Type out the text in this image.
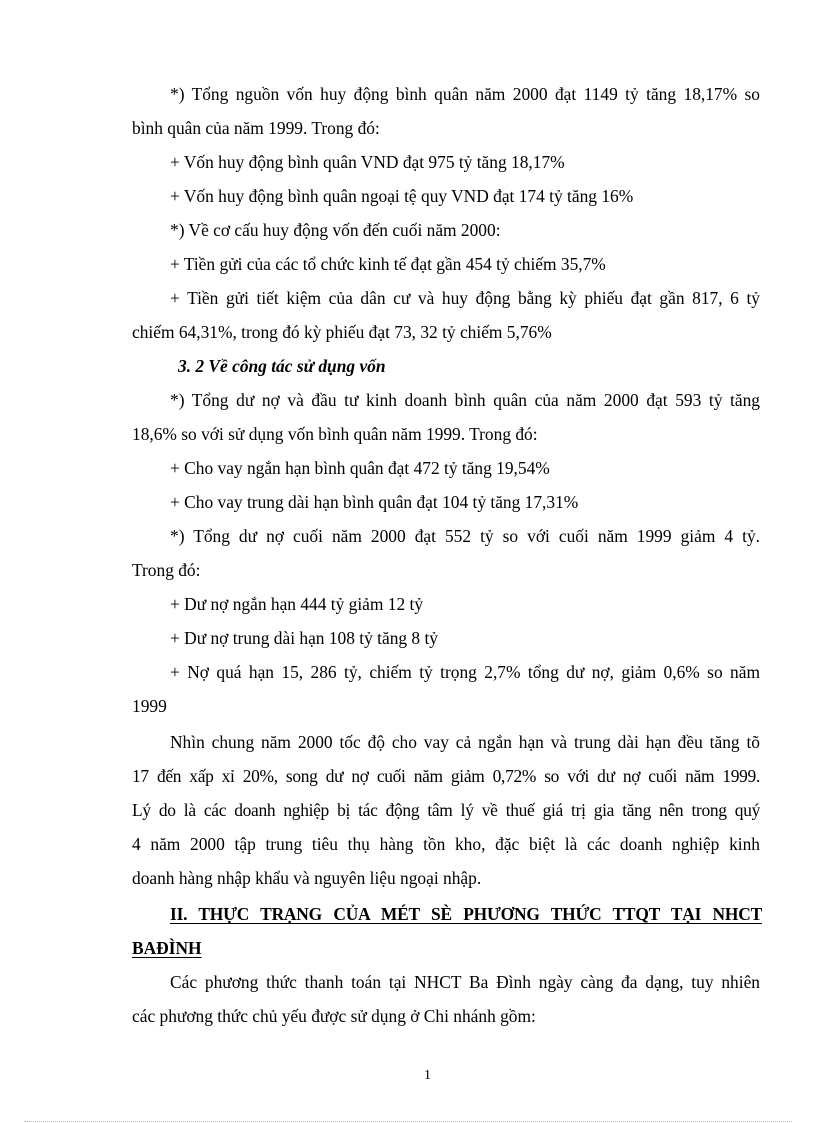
*) Tổng nguồn vốn huy động bình quân năm 2000 đạt 1149 tỷ tăng 18,17% so
bình quân của năm 1999. Trong đó:
+ Vốn huy động bình quân VND đạt 975 tỷ tăng 18,17%
+ Vốn huy động bình quân ngoại tệ quy VND đạt 174 tỷ tăng 16%
*) Về cơ cấu huy động vốn đến cuối năm 2000:
+ Tiền gửi của các tổ chức kinh tế đạt gần 454 tỷ chiếm 35,7%
+ Tiền gửi tiết kiệm của dân cư và huy động bằng kỳ phiếu đạt gần 817, 6 tỷ
chiếm 64,31%, trong đó kỳ phiếu đạt 73, 32 tỷ chiếm 5,76%
3. 2 Về công tác sử dụng vốn
*) Tổng dư nợ và đầu tư kinh doanh bình quân của năm 2000 đạt 593 tỷ tăng
18,6% so với sử dụng vốn bình quân năm 1999. Trong đó:
+ Cho vay ngắn hạn bình quân đạt 472 tỷ tăng 19,54%
+ Cho vay trung dài hạn bình quân đạt 104 tỷ tăng 17,31%
*) Tổng dư nợ cuối năm 2000 đạt 552 tỷ so với cuối năm 1999 giảm 4 tỷ.
Trong đó:
+ Dư nợ ngắn hạn 444 tỷ giảm 12 tỷ
+ Dư nợ trung dài hạn 108 tỷ tăng 8 tỷ
+ Nợ quá hạn 15, 286 tỷ, chiếm tỷ trọng 2,7% tổng dư nợ, giảm 0,6% so năm
1999
Nhìn chung năm 2000 tốc độ cho vay cả ngắn hạn và trung dài hạn đều tăng tõ
17 đến xấp xỉ 20%, song dư nợ cuối năm giảm 0,72% so với dư nợ cuối năm 1999.
Lý do là các doanh nghiệp bị tác động tâm lý về thuế giá trị gia tăng nên trong quý
4 năm 2000 tập trung tiêu thụ hàng tồn kho, đặc biệt là các doanh nghiệp kinh
doanh hàng nhập khẩu và nguyên liệu ngoại nhập.
II. THỰC TRẠNG CỦA MÉT SÈ PHƯƠNG THỨC TTQT TẠI NHCT
BAĐÌNH
Các phương thức thanh toán tại NHCT Ba Đình ngày càng đa dạng, tuy nhiên
các phương thức chủ yếu được sử dụng ở Chi nhánh gồm:
1
